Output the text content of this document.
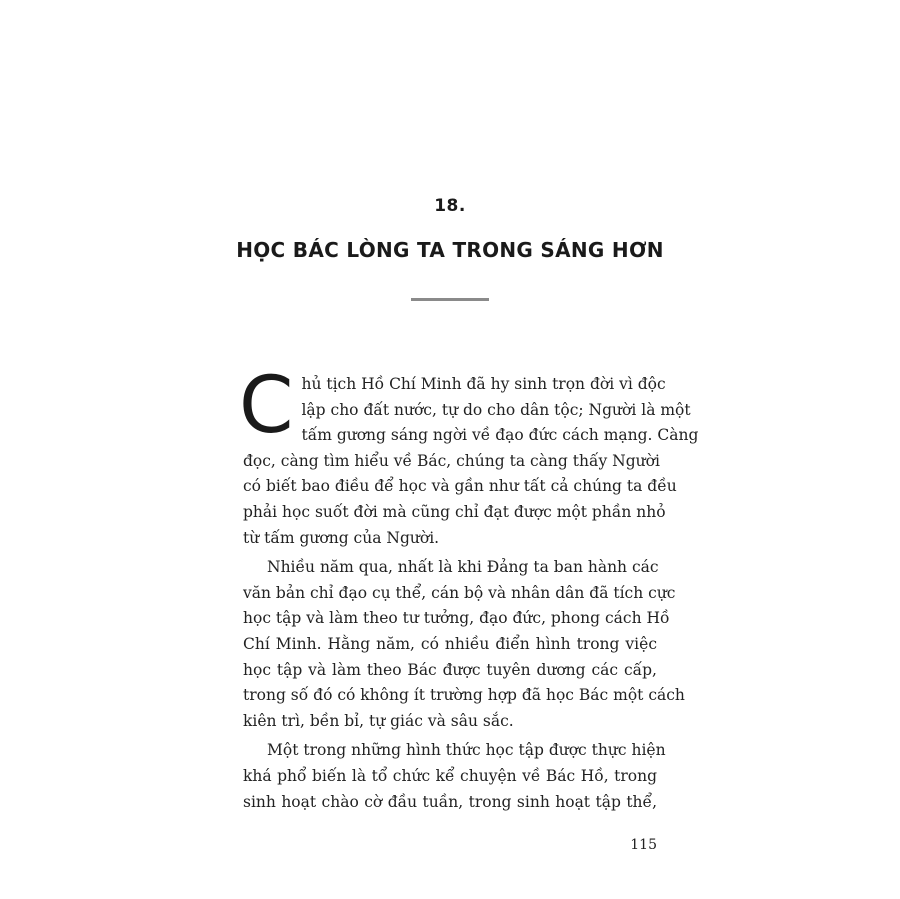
18.
HỌC BÁC LÒNG TA TRONG SÁNG HƠN
C hủ tịch Hồ Chí Minh đã hy sinh trọn đời vì độc
lập cho đất nước, tự do cho dân tộc; Người là một
tấm gương sáng ngời về đạo đức cách mạng. Càng
đọc, càng tìm hiểu về Bác, chúng ta càng thấy Người
có biết bao điều để học và gần như tất cả chúng ta đều
phải học suốt đời mà cũng chỉ đạt được một phần nhỏ
từ tấm gương của Người.
Nhiều năm qua, nhất là khi Đảng ta ban hành các
văn bản chỉ đạo cụ thể, cán bộ và nhân dân đã tích cực
học tập và làm theo tư tưởng, đạo đức, phong cách Hồ
Chí Minh. Hằng năm, có nhiều điển hình trong việc
học tập và làm theo Bác được tuyên dương các cấp,
trong số đó có không ít trường hợp đã học Bác một cách
kiên trì, bền bỉ, tự giác và sâu sắc.
Một trong những hình thức học tập được thực hiện
khá phổ biến là tổ chức kể chuyện về Bác Hồ, trong
sinh hoạt chào cờ đầu tuần, trong sinh hoạt tập thể,
115
